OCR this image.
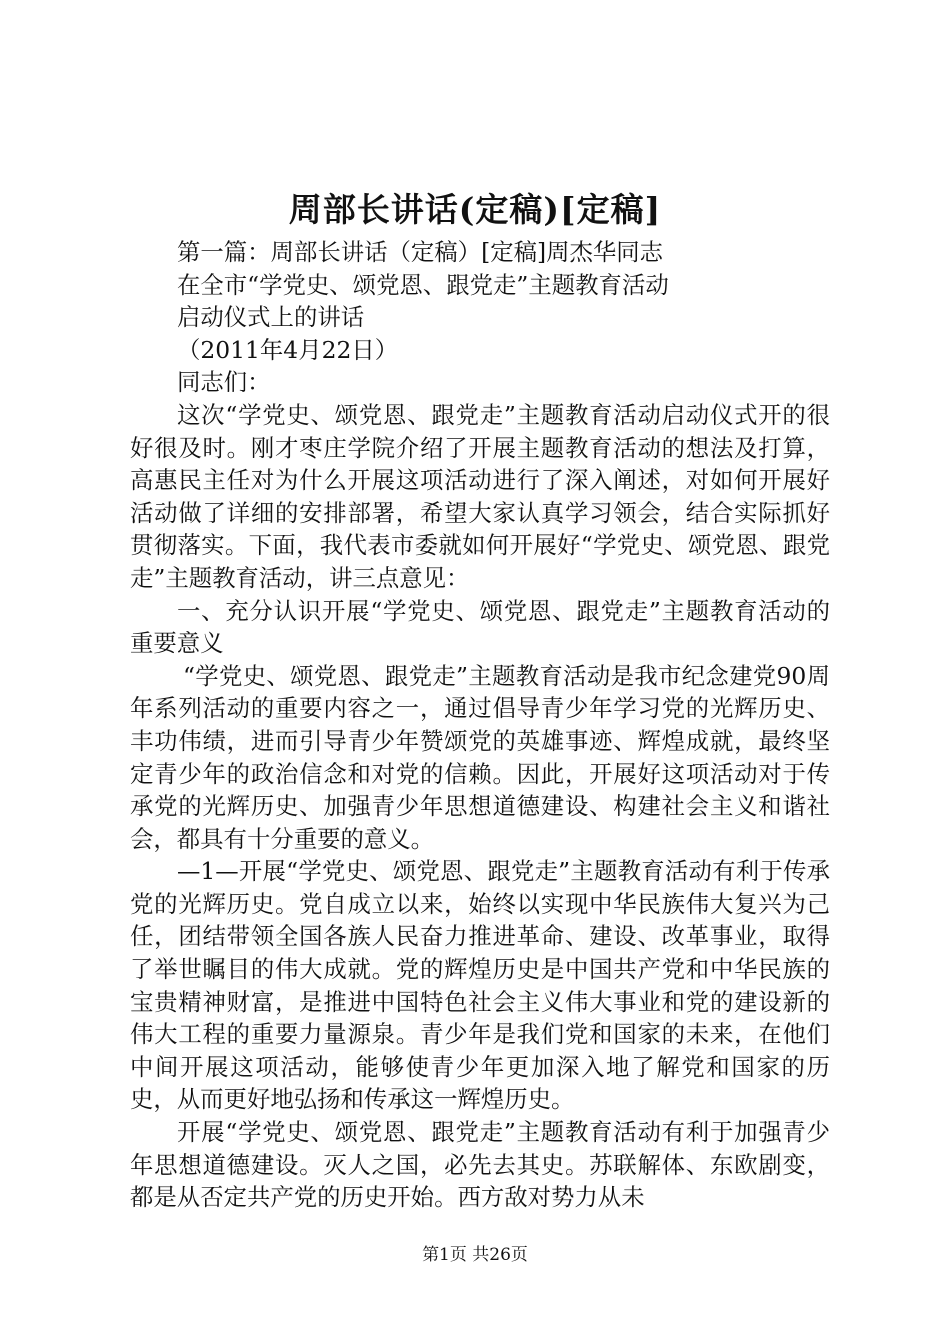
周部长讲话(定稿)[定稿]

第一篇：周部长讲话（定稿）[定稿]周杰华同志

在全市“学党史、颂党恩、跟党走”主题教育活动

启动仪式上的讲话

（2011年4月22日）

同志们：

这次“学党史、颂党恩、跟党走”主题教育活动启动仪式开的很好很及时。刚才枣庄学院介绍了开展主题教育活动的想法及打算，高惠民主任对为什么开展这项活动进行了深入阐述，对如何开展好活动做了详细的安排部署，希望大家认真学习领会，结合实际抓好贯彻落实。下面，我代表市委就如何开展好“学党史、颂党恩、跟党走”主题教育活动，讲三点意见：

一、充分认识开展“学党史、颂党恩、跟党走”主题教育活动的重要意义

“学党史、颂党恩、跟党走”主题教育活动是我市纪念建党90周年系列活动的重要内容之一，通过倡导青少年学习党的光辉历史、丰功伟绩，进而引导青少年赞颂党的英雄事迹、辉煌成就，最终坚定青少年的政治信念和对党的信赖。因此，开展好这项活动对于传承党的光辉历史、加强青少年思想道德建设、构建社会主义和谐社会，都具有十分重要的意义。

—1—开展“学党史、颂党恩、跟党走”主题教育活动有利于传承党的光辉历史。党自成立以来，始终以实现中华民族伟大复兴为己任，团结带领全国各族人民奋力推进革命、建设、改革事业，取得了举世瞩目的伟大成就。党的辉煌历史是中国共产党和中华民族的宝贵精神财富，是推进中国特色社会主义伟大事业和党的建设新的伟大工程的重要力量源泉。青少年是我们党和国家的未来，在他们中间开展这项活动，能够使青少年更加深入地了解党和国家的历史，从而更好地弘扬和传承这一辉煌历史。

开展“学党史、颂党恩、跟党走”主题教育活动有利于加强青少年思想道德建设。灭人之国，必先去其史。苏联解体、东欧剧变，都是从否定共产党的历史开始。西方敌对势力从未

第1页 共26页
